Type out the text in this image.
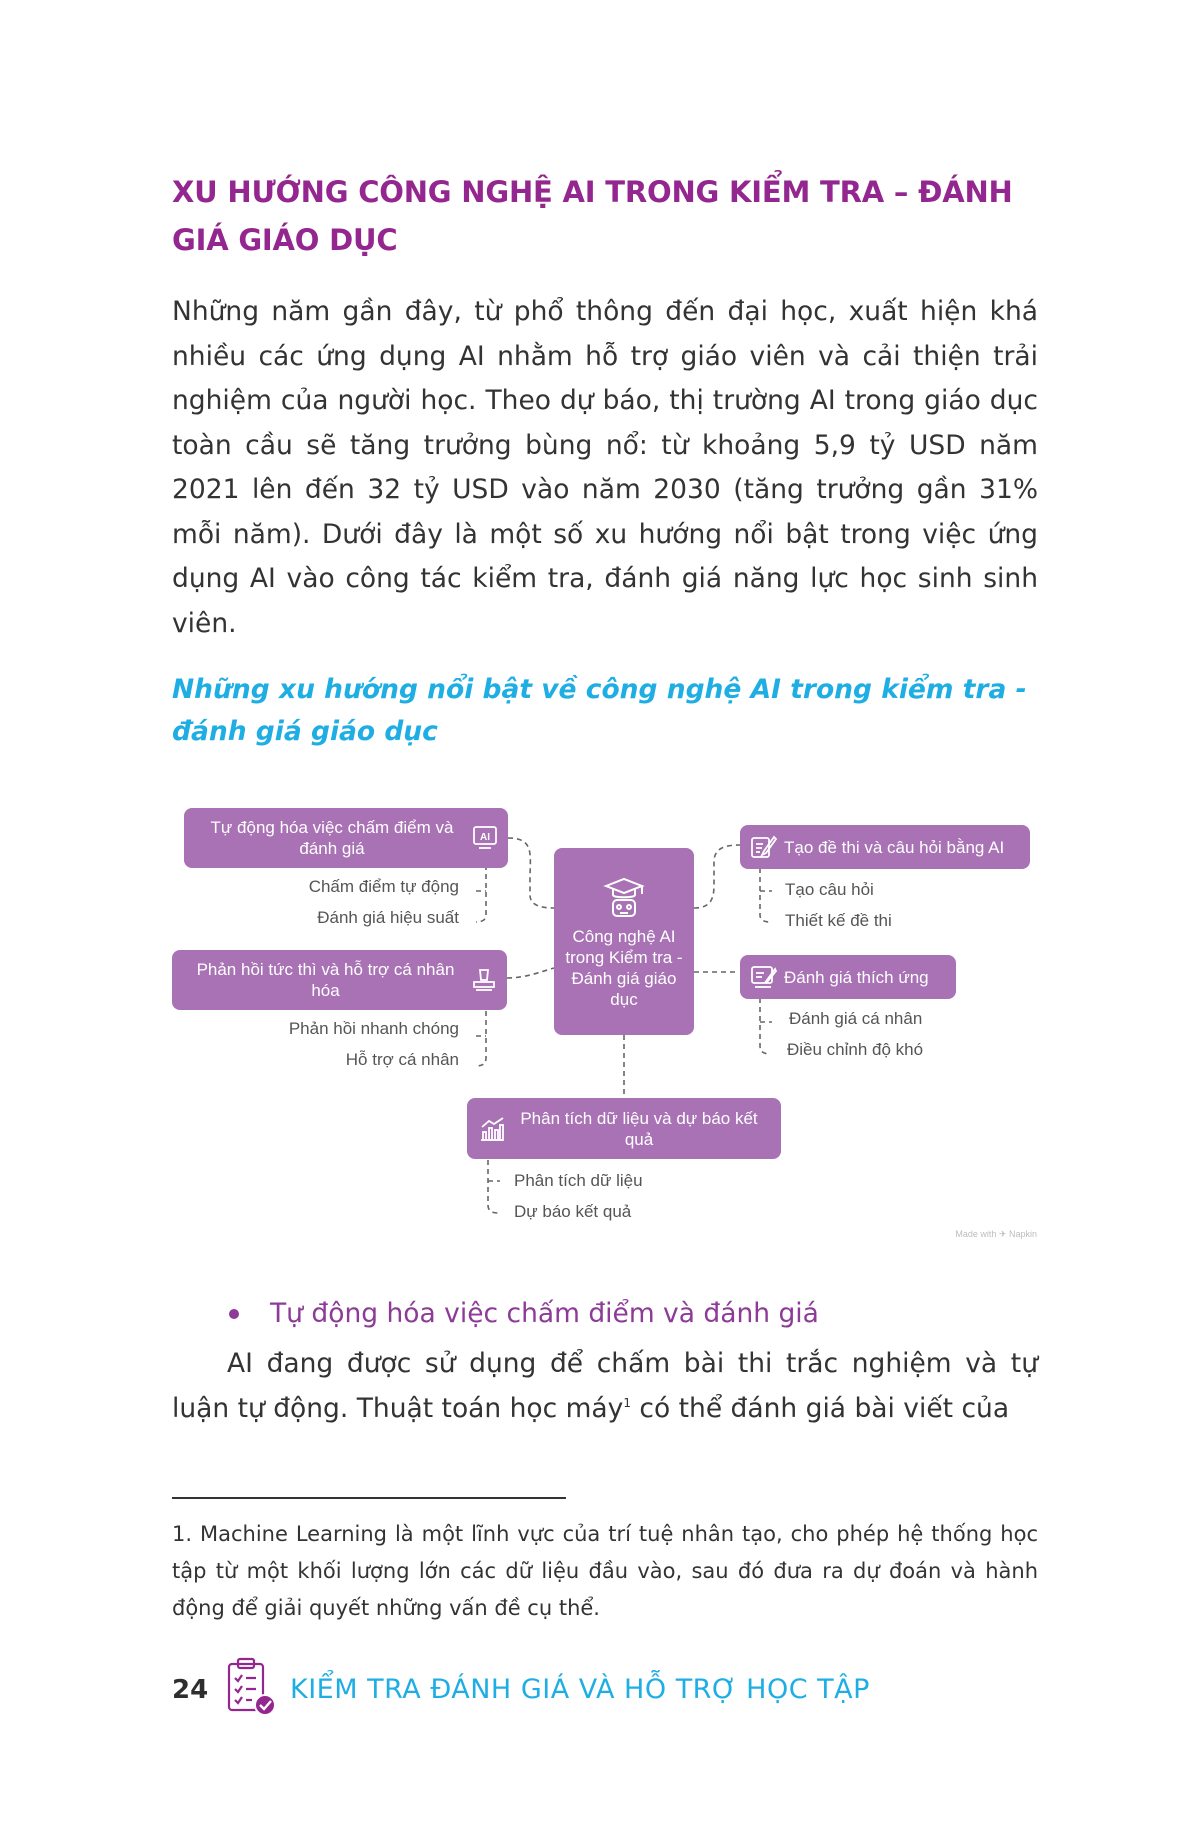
XU HƯỚNG CÔNG NGHỆ AI TRONG KIỂM TRA – ĐÁNH GIÁ GIÁO DỤC

Những năm gần đây, từ phổ thông đến đại học, xuất hiện khá nhiều các ứng dụng AI nhằm hỗ trợ giáo viên và cải thiện trải nghiệm của người học. Theo dự báo, thị trường AI trong giáo dục toàn cầu sẽ tăng trưởng bùng nổ: từ khoảng 5,9 tỷ USD năm 2021 lên đến 32 tỷ USD vào năm 2030 (tăng trưởng gần 31% mỗi năm). Dưới đây là một số xu hướng nổi bật trong việc ứng dụng AI vào công tác kiểm tra, đánh giá năng lực học sinh sinh viên.

Những xu hướng nổi bật về công nghệ AI trong kiểm tra - đánh giá giáo dục

Công nghệ AI trong Kiểm tra - Đánh giá giáo dục
Tự động hóa việc chấm điểm và đánh giá
AI
Chấm điểm tự động
Đánh giá hiệu suất
Phản hồi tức thì và hỗ trợ cá nhân hóa
Phản hồi nhanh chóng
Hỗ trợ cá nhân
Tạo đề thi và câu hỏi bằng AI
Tạo câu hỏi
Thiết kế đề thi
Đánh giá thích ứng
Đánh giá cá nhân
Điều chỉnh độ khó
Phân tích dữ liệu và dự báo kết quả
Phân tích dữ liệu
Dự báo kết quả
Made with ✈ Napkin
Tự động hóa việc chấm điểm và đánh giá

AI đang được sử dụng để chấm bài thi trắc nghiệm và tự luận tự động. Thuật toán học máy$^1$ có thể đánh giá bài viết của

1. Machine Learning là một lĩnh vực của trí tuệ nhân tạo, cho phép hệ thống học tập từ một khối lượng lớn các dữ liệu đầu vào, sau đó đưa ra dự đoán và hành động để giải quyết những vấn đề cụ thể.

24	KIỂM TRA ĐÁNH GIÁ VÀ HỖ TRỢ HỌC TẬP
